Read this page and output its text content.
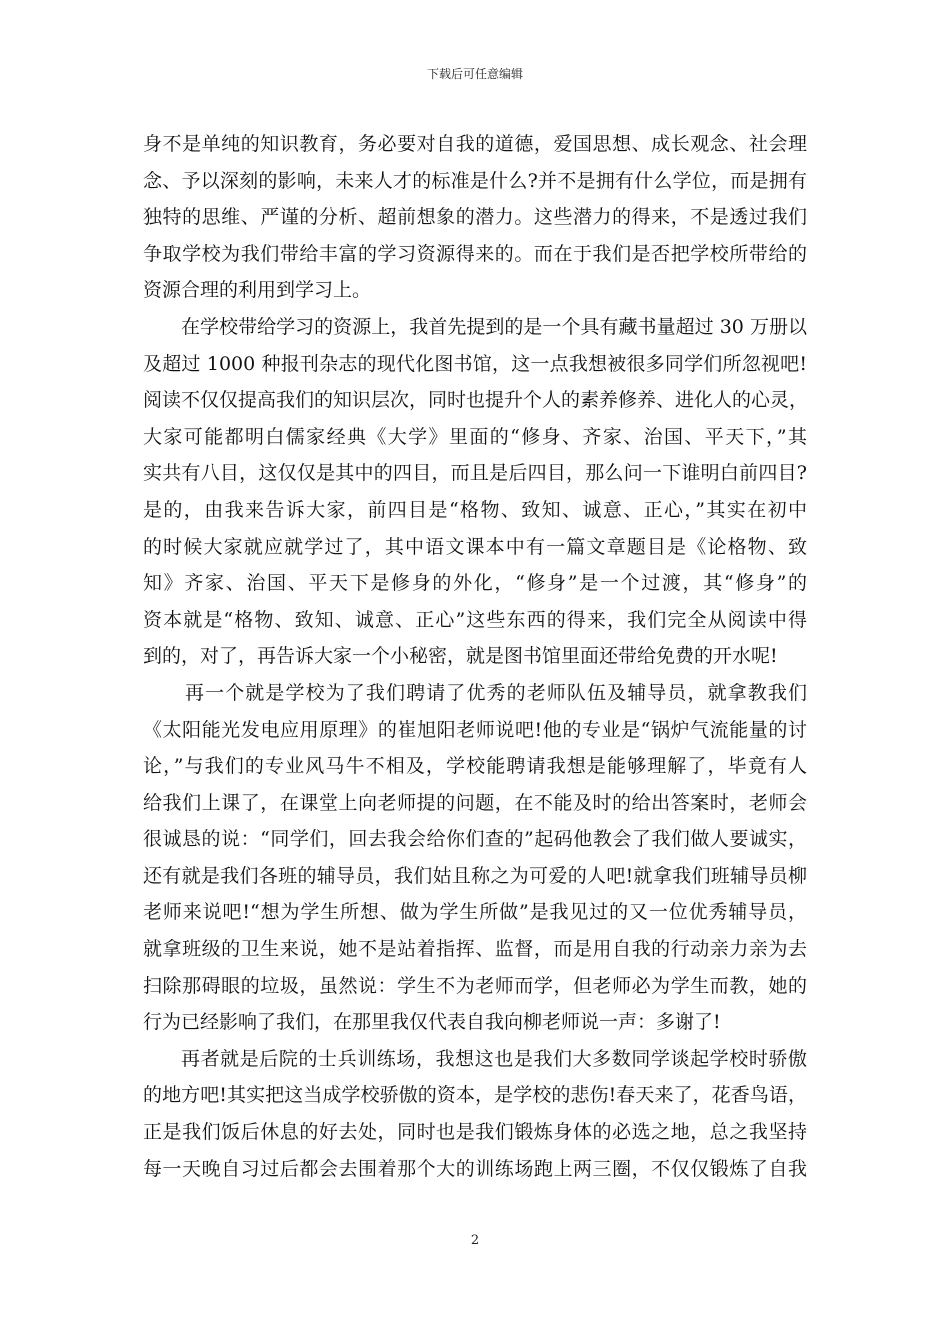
下载后可任意编辑
身不是单纯的知识教育，务必要对自我的道德，爱国思想、成长观念、社会理
念、予以深刻的影响，未来人才的标准是什么?并不是拥有什么学位，而是拥有
独特的思维、严谨的分析、超前想象的潜力。这些潜力的得来，不是透过我们
争取学校为我们带给丰富的学习资源得来的。而在于我们是否把学校所带给的
资源合理的利用到学习上。
在学校带给学习的资源上，我首先提到的是一个具有藏书量超过 30 万册以
及超过 1000 种报刊杂志的现代化图书馆，这一点我想被很多同学们所忽视吧!
阅读不仅仅提高我们的知识层次，同时也提升个人的素养修养、进化人的心灵，
大家可能都明白儒家经典《大学》里面的“修身、齐家、治国、平天下，”其
实共有八目，这仅仅是其中的四目，而且是后四目，那么问一下谁明白前四目?
是的，由我来告诉大家，前四目是“格物、致知、诚意、正心，”其实在初中
的时候大家就应就学过了，其中语文课本中有一篇文章题目是《论格物、致
知》齐家、治国、平天下是修身的外化，“修身”是一个过渡，其“修身”的
资本就是“格物、致知、诚意、正心”这些东西的得来，我们完全从阅读中得
到的，对了，再告诉大家一个小秘密，就是图书馆里面还带给免费的开水呢!
再一个就是学校为了我们聘请了优秀的老师队伍及辅导员，就拿教我们
《太阳能光发电应用原理》的崔旭阳老师说吧!他的专业是“锅炉气流能量的讨
论，”与我们的专业风马牛不相及，学校能聘请我想是能够理解了，毕竟有人
给我们上课了，在课堂上向老师提的问题，在不能及时的给出答案时，老师会
很诚恳的说：“同学们，回去我会给你们查的”起码他教会了我们做人要诚实，
还有就是我们各班的辅导员，我们姑且称之为可爱的人吧!就拿我们班辅导员柳
老师来说吧!“想为学生所想、做为学生所做”是我见过的又一位优秀辅导员，
就拿班级的卫生来说，她不是站着指挥、监督，而是用自我的行动亲力亲为去
扫除那碍眼的垃圾，虽然说：学生不为老师而学，但老师必为学生而教，她的
行为已经影响了我们，在那里我仅代表自我向柳老师说一声：多谢了!
再者就是后院的士兵训练场，我想这也是我们大多数同学谈起学校时骄傲
的地方吧!其实把这当成学校骄傲的资本，是学校的悲伤!春天来了，花香鸟语，
正是我们饭后休息的好去处，同时也是我们锻炼身体的必选之地，总之我坚持
每一天晚自习过后都会去围着那个大的训练场跑上两三圈，不仅仅锻炼了自我
2
